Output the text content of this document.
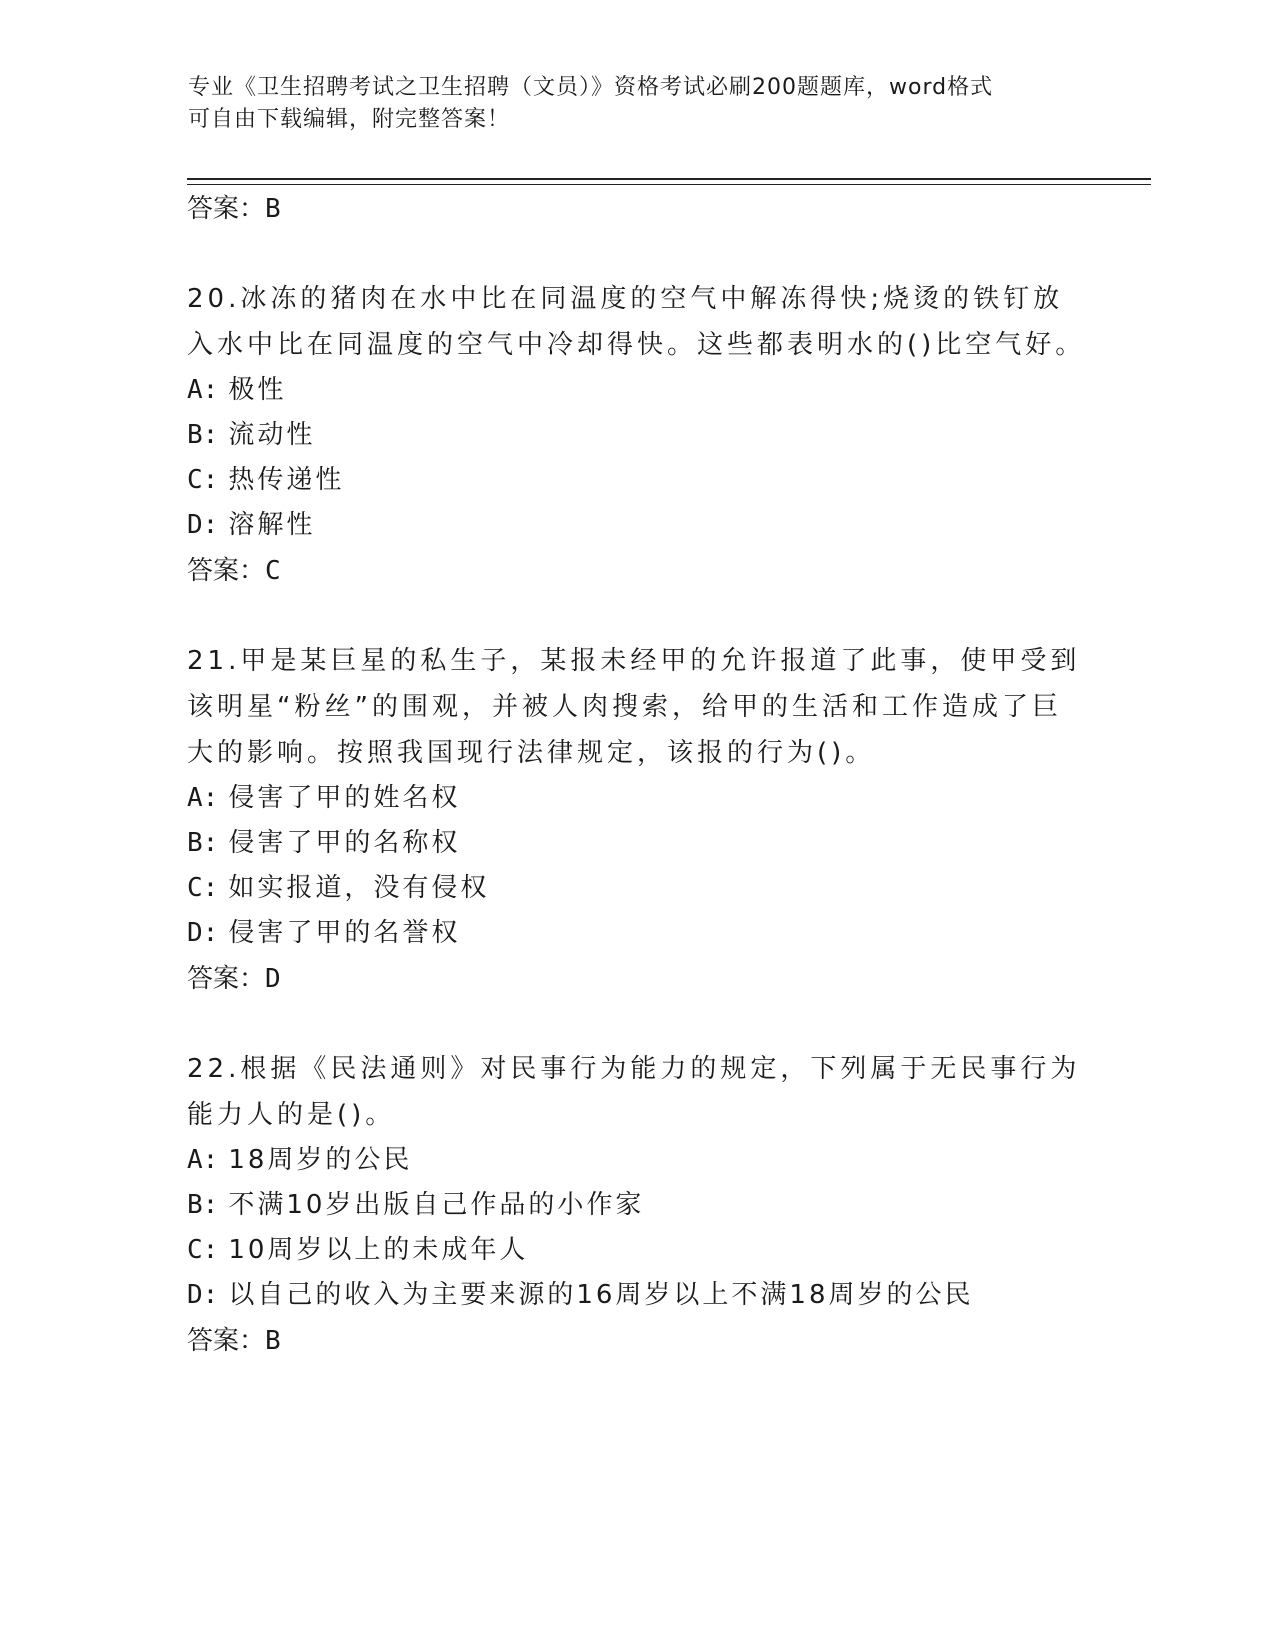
专业《卫生招聘考试之卫生招聘（文员）》资格考试必刷200题题库，word格式
可自由下载编辑，附完整答案！
答案：B
20.冰冻的猪肉在水中比在同温度的空气中解冻得快;烧烫的铁钉放入水中比在同温度的空气中冷却得快。这些都表明水的()比空气好。
A: 极性
B: 流动性
C: 热传递性
D: 溶解性
答案：C
21.甲是某巨星的私生子，某报未经甲的允许报道了此事，使甲受到该明星“粉丝”的围观，并被人肉搜索，给甲的生活和工作造成了巨大的影响。按照我国现行法律规定，该报的行为()。
A: 侵害了甲的姓名权
B: 侵害了甲的名称权
C: 如实报道，没有侵权
D: 侵害了甲的名誉权
答案：D
22.根据《民法通则》对民事行为能力的规定，下列属于无民事行为能力人的是()。
A: 18周岁的公民
B: 不满10岁出版自己作品的小作家
C: 10周岁以上的未成年人
D: 以自己的收入为主要来源的16周岁以上不满18周岁的公民
答案：B
